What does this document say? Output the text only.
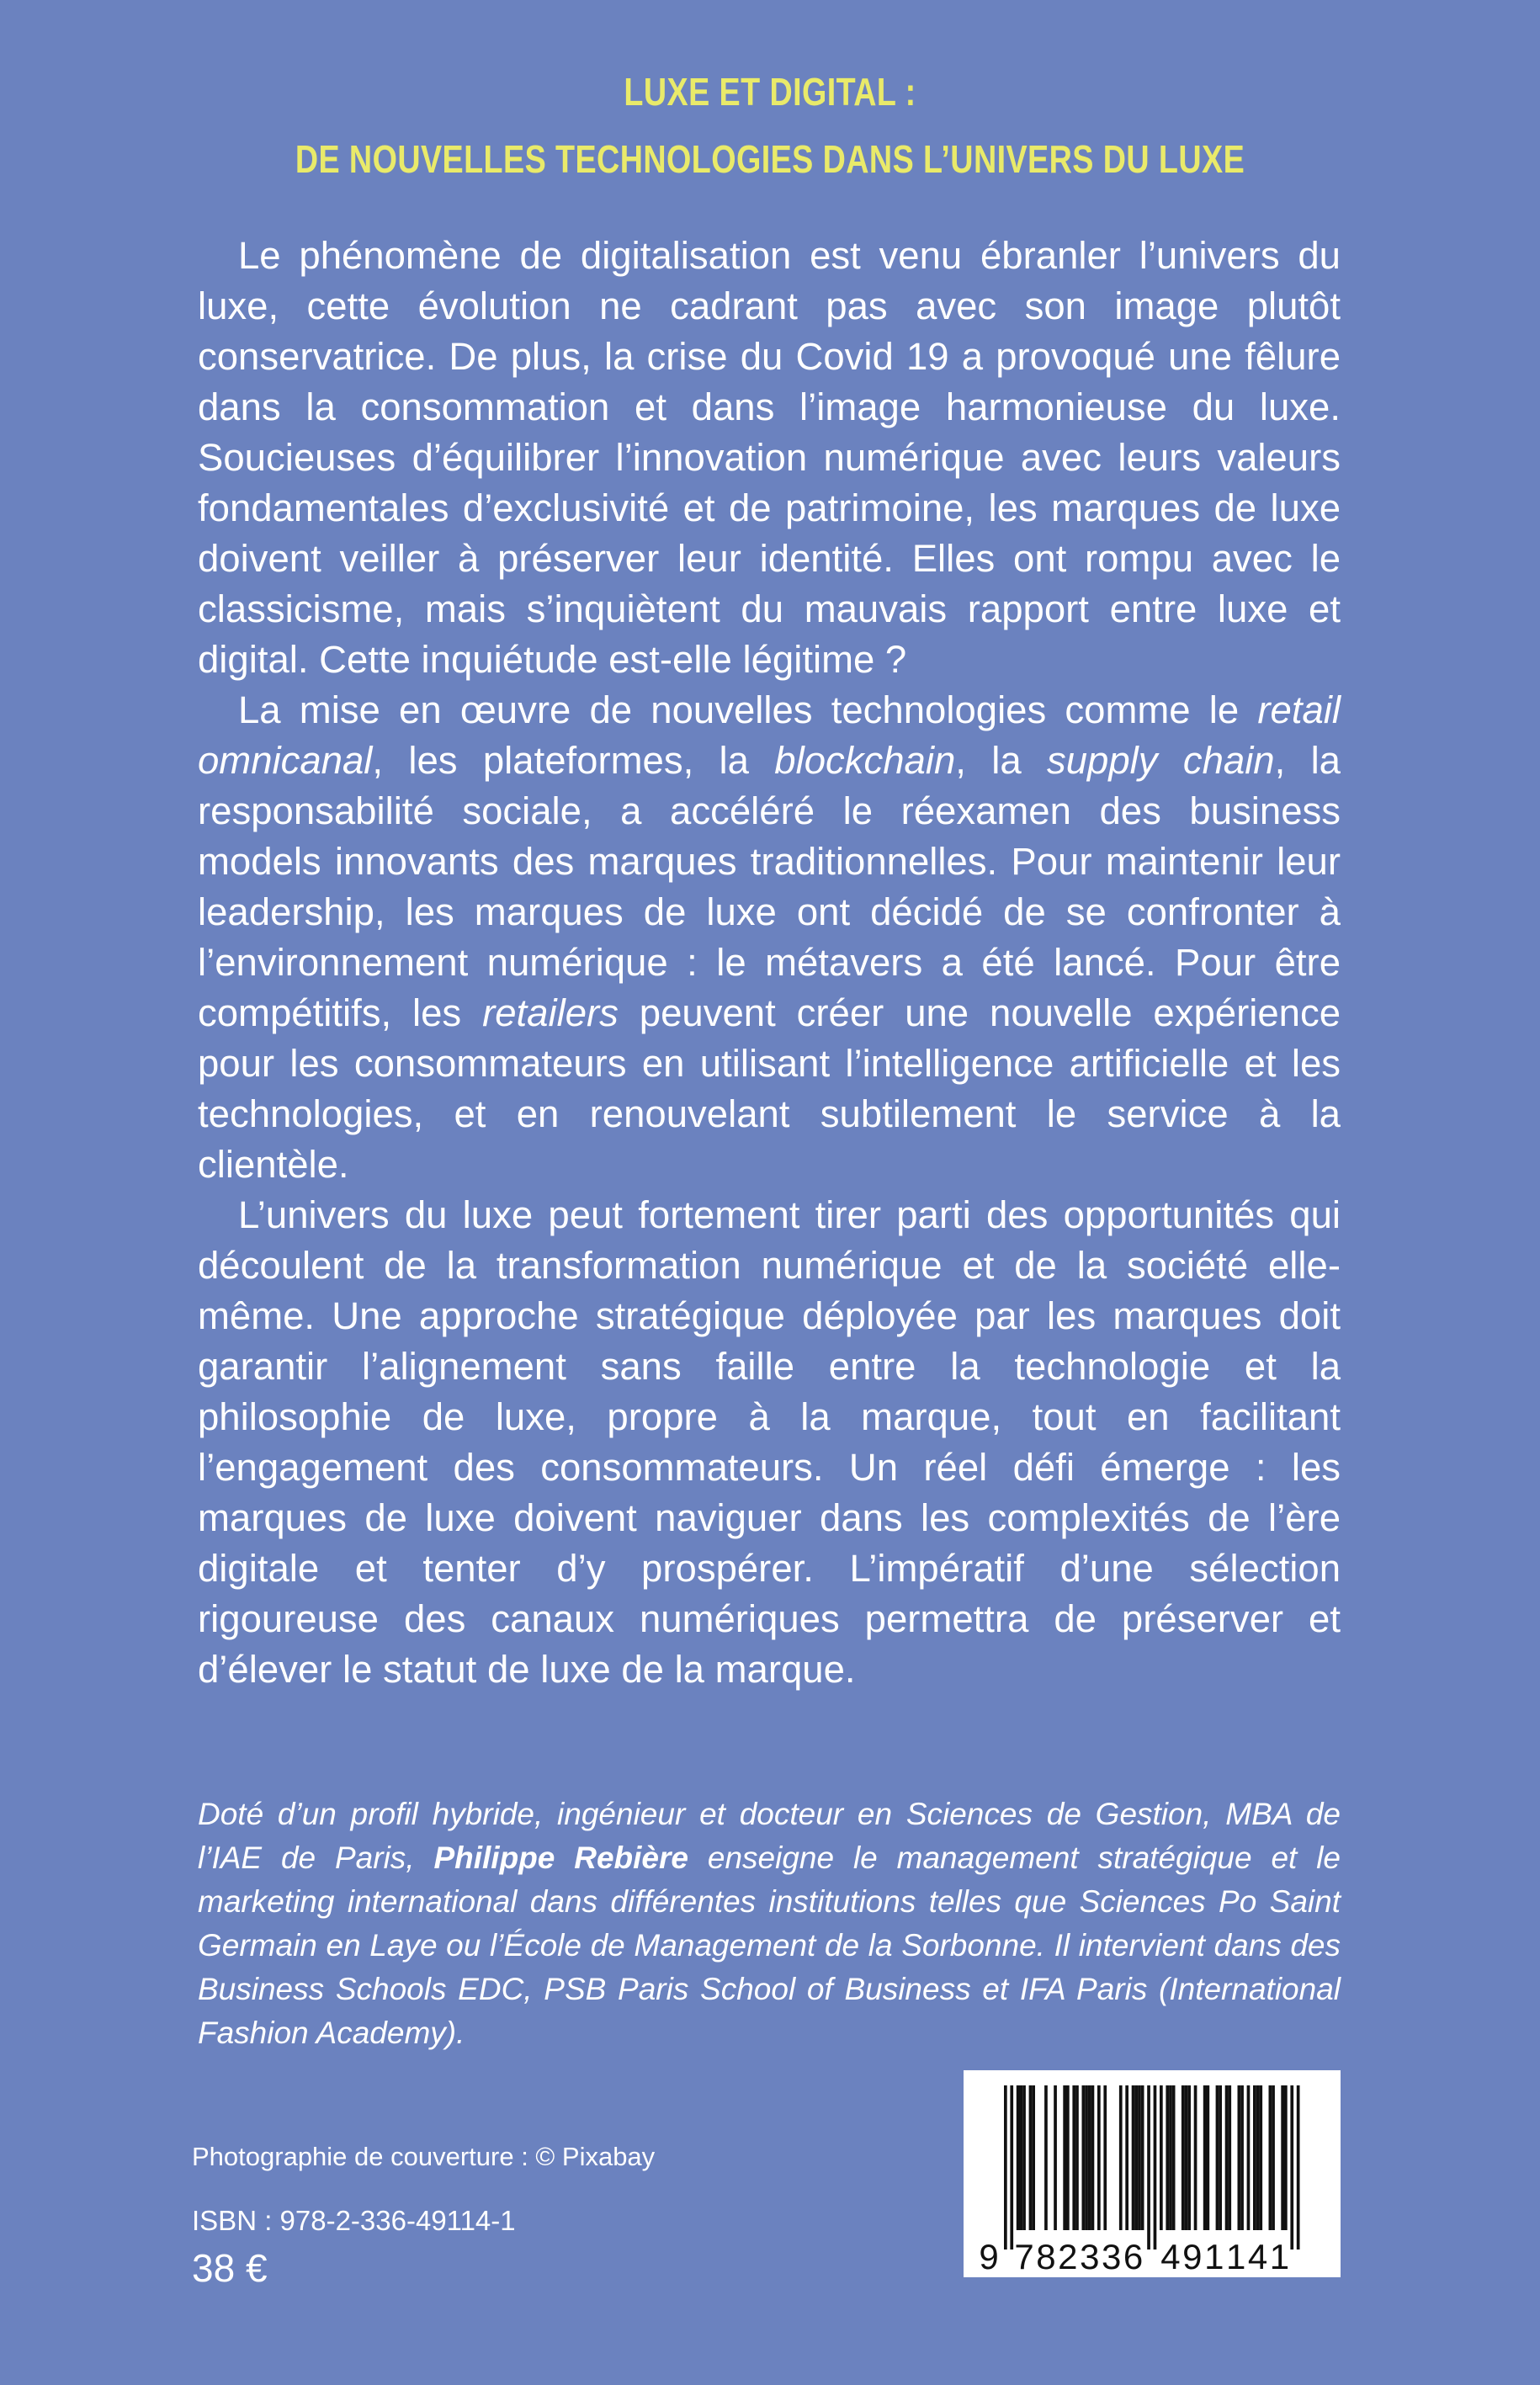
LUXE ET DIGITAL :
DE NOUVELLES TECHNOLOGIES DANS L’UNIVERS DU LUXE

Le phénomène de digitalisation est venu ébranler l’univers du luxe, cette évolution ne cadrant pas avec son image plutôt conservatrice. De plus, la crise du Covid 19 a provoqué une fêlure dans la consommation et dans l’image harmonieuse du luxe. Soucieuses d’équilibrer l’innovation numérique avec leurs valeurs fondamentales d’exclusivité et de patrimoine, les marques de luxe doivent veiller à préserver leur identité. Elles ont rompu avec le classicisme, mais s’inquiètent du mauvais rapport entre luxe et digital. Cette inquiétude est-elle légitime ?

La mise en œuvre de nouvelles technologies comme le retail omnicanal, les plateformes, la blockchain, la supply chain, la responsabilité sociale, a accéléré le réexamen des business models innovants des marques traditionnelles. Pour maintenir leur leadership, les marques de luxe ont décidé de se confronter à l’environnement numérique : le métavers a été lancé. Pour être compétitifs, les retailers peuvent créer une nouvelle expérience pour les consommateurs en utilisant l’intelligence artificielle et les technologies, et en renouvelant subtilement le service à la clientèle.

L’univers du luxe peut fortement tirer parti des opportunités qui découlent de la transformation numérique et de la société elle-même. Une approche stratégique déployée par les marques doit garantir l’alignement sans faille entre la technologie et la philosophie de luxe, propre à la marque, tout en facilitant l’engagement des consommateurs. Un réel défi émerge : les marques de luxe doivent naviguer dans les complexités de l’ère digitale et tenter d’y prospérer. L’impératif d’une sélection rigoureuse des canaux numériques permettra de préserver et d’élever le statut de luxe de la marque.

Doté d’un profil hybride, ingénieur et docteur en Sciences de Gestion, MBA de l’IAE de Paris, Philippe Rebière enseigne le management stratégique et le marketing international dans différentes institutions telles que Sciences Po Saint Germain en Laye ou l’École de Management de la Sorbonne. Il intervient dans des Business Schools EDC, PSB Paris School of Business et IFA Paris (International Fashion Academy).
Photographie de couverture : © Pixabay
ISBN : 978-2-336-49114-1
38 €	9 7 8 2 3 3 6 4 9 1 1 4 1
